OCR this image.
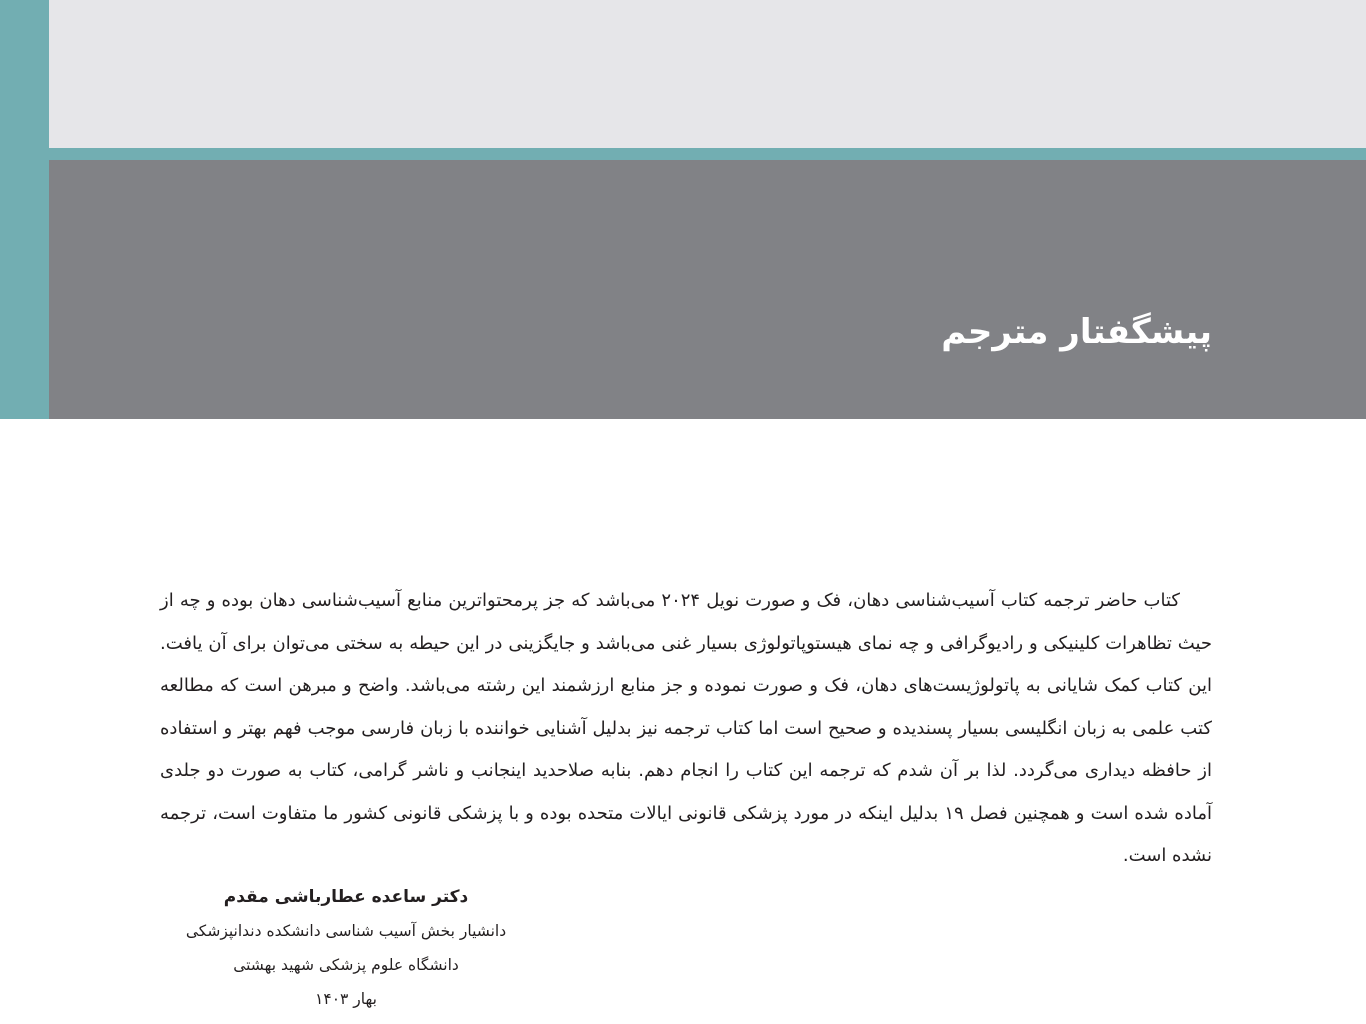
پیشگفتار مترجم

کتاب حاضر ترجمه کتاب آسیب‌شناسی دهان، فک و صورت نویل ۲۰۲۴ می‌باشد که جز پرمحتواترین منابع آسیب‌شناسی دهان بوده و چه از حیث تظاهرات کلینیکی و رادیوگرافی و چه نمای هیستوپاتولوژی بسیار غنی می‌باشد و جایگزینی در این حیطه به سختی می‌توان برای آن یافت. این کتاب کمک شایانی به پاتولوژیست‌های دهان، فک و صورت نموده و جز منابع ارزشمند این رشته می‌باشد. واضح و مبرهن است که مطالعه کتب علمی به زبان انگلیسی بسیار پسندیده و صحیح است اما کتاب ترجمه نیز بدلیل آشنایی خواننده با زبان فارسی موجب فهم بهتر و استفاده از حافظه دیداری می‌گردد. لذا بر آن شدم که ترجمه این کتاب را انجام دهم. بنابه صلاحدید اینجانب و ناشر گرامی، کتاب به صورت دو جلدی آماده شده است و همچنین فصل ۱۹ بدلیل اینکه در مورد پزشکی قانونی ایالات متحده بوده و با پزشکی قانونی کشور ما متفاوت است، ترجمه نشده است.

دکتر ساعده عطارباشی مقدم
دانشیار بخش آسیب شناسی دانشکده دندانپزشکی
دانشگاه علوم پزشکی شهید بهشتی
بهار ۱۴۰۳
